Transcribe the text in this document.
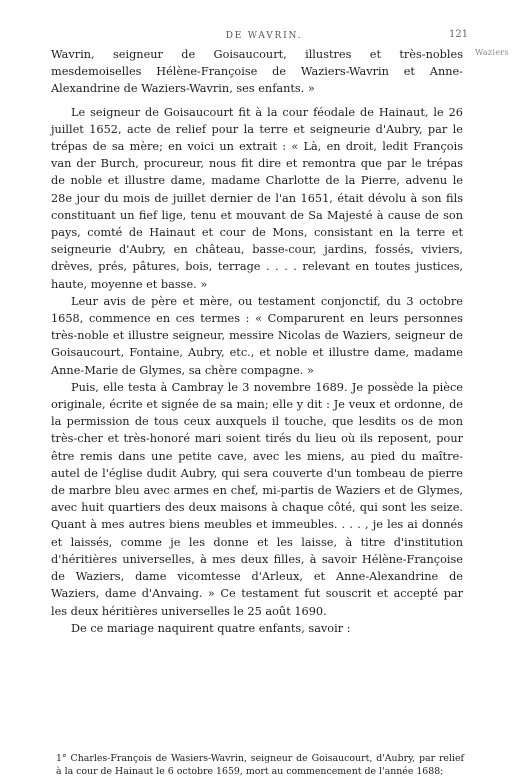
DE WAVRIN.	121
Waziers

Wavrin, seigneur de Goisaucourt, illustres et très-nobles mesdemoiselles Hélène-Françoise de Waziers-Wavrin et Anne-Alexandrine de Waziers-Wavrin, ses enfants. »

Le seigneur de Goisaucourt fit à la cour féodale de Hainaut, le 26 juillet 1652, acte de relief pour la terre et seigneurie d'Aubry, par le trépas de sa mère; en voici un extrait : « Là, en droit, ledit François van der Burch, procureur, nous fit dire et remontra que par le trépas de noble et illustre dame, madame Charlotte de la Pierre, advenu le 28e jour du mois de juillet dernier de l'an 1651, était dévolu à son fils constituant un fief lige, tenu et mouvant de Sa Majesté à cause de son pays, comté de Hainaut et cour de Mons, consistant en la terre et seigneurie d'Aubry, en château, basse-cour, jardins, fossés, viviers, drèves, prés, pâtures, bois, terrage . . . . relevant en toutes justices, haute, moyenne et basse. »

Leur avis de père et mère, ou testament conjonctif, du 3 octobre 1658, commence en ces termes : « Comparurent en leurs personnes très-noble et illustre seigneur, messire Nicolas de Waziers, seigneur de Goisaucourt, Fontaine, Aubry, etc., et noble et illustre dame, madame Anne-Marie de Glymes, sa chère compagne. »

Puis, elle testa à Cambray le 3 novembre 1689. Je possède la pièce originale, écrite et signée de sa main; elle y dit : Je veux et ordonne, de la permission de tous ceux auxquels il touche, que lesdits os de mon très-cher et très-honoré mari soient tirés du lieu où ils reposent, pour être remis dans une petite cave, avec les miens, au pied du maître-autel de l'église dudit Aubry, qui sera couverte d'un tombeau de pierre de marbre bleu avec armes en chef, mi-partis de Waziers et de Glymes, avec huit quartiers des deux maisons à chaque côté, qui sont les seize. Quant à mes autres biens meubles et immeubles. . . . , je les ai donnés et laissés, comme je les donne et les laisse, à titre d'institution d'héritières universelles, à mes deux filles, à savoir Hélène-Françoise de Waziers, dame vicomtesse d'Arleux, et Anne-Alexandrine de Waziers, dame d'Anvaing. » Ce testament fut souscrit et accepté par les deux héritières universelles le 25 août 1690.

De ce mariage naquirent quatre enfants, savoir :

1° Charles-François de Wasiers-Wavrin, seigneur de Goisaucourt, d'Aubry, par relief à la cour de Hainaut le 6 octobre 1659, mort au commencement de l'année 1688;
